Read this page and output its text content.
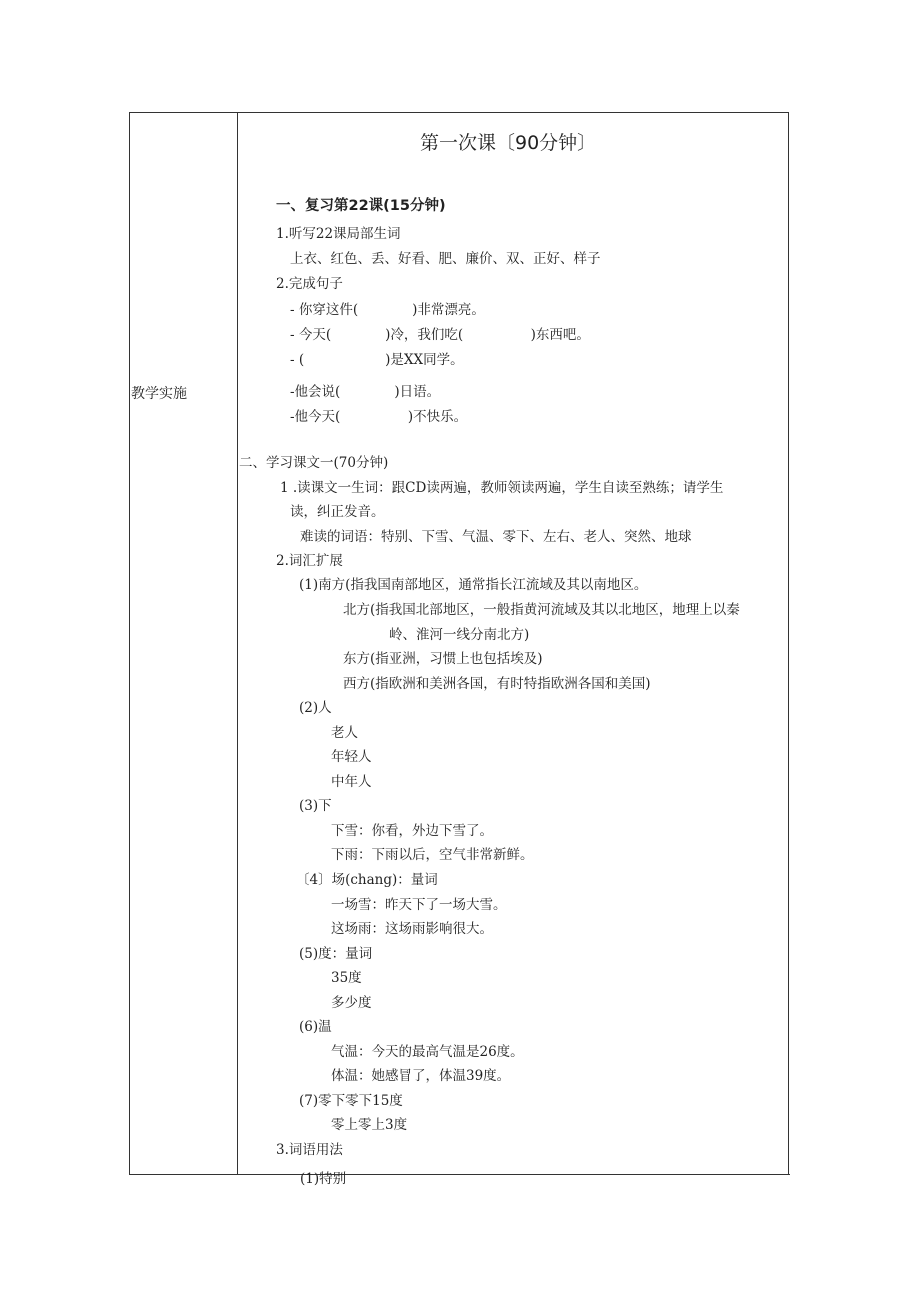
教学实施
第一次课〔90分钟〕
一、复习第22课(15分钟)
1.听写22课局部生词
上衣、红色、丢、好看、肥、廉价、双、正好、样子
2.完成句子
- 你穿这件(　　　　)非常漂亮。
- 今天(　　　　)冷，我们吃(　　　　　)东西吧。
- (　　　　　　)是XX同学。
-他会说(　　　　)日语。
-他今天(　　　　　)不快乐。
二、学习课文一(70分钟)
1 .读课文一生词：跟CD读两遍，教师领读两遍，学生自读至熟练；请学生
读，纠正发音。
难读的词语：特别、下雪、气温、零下、左右、老人、突然、地球
2.词汇扩展
(1)南方(指我国南部地区，通常指长江流域及其以南地区。
北方(指我国北部地区，一般指黄河流域及其以北地区，地理上以秦
岭、淮河一线分南北方)
东方(指亚洲，习惯上也包括埃及)
西方(指欧洲和美洲各国，有时特指欧洲各国和美国)
(2)人
老人
年轻人
中年人
(3)下
下雪：你看，外边下雪了。
下雨：下雨以后，空气非常新鲜。
〔4〕场(chang)：量词
一场雪：昨天下了一场大雪。
这场雨：这场雨影响很大。
(5)度：量词
35度
多少度
(6)温
气温：今天的最高气温是26度。
体温：她感冒了，体温39度。
(7)零下零下15度
零上零上3度
3.词语用法
(1)特别
